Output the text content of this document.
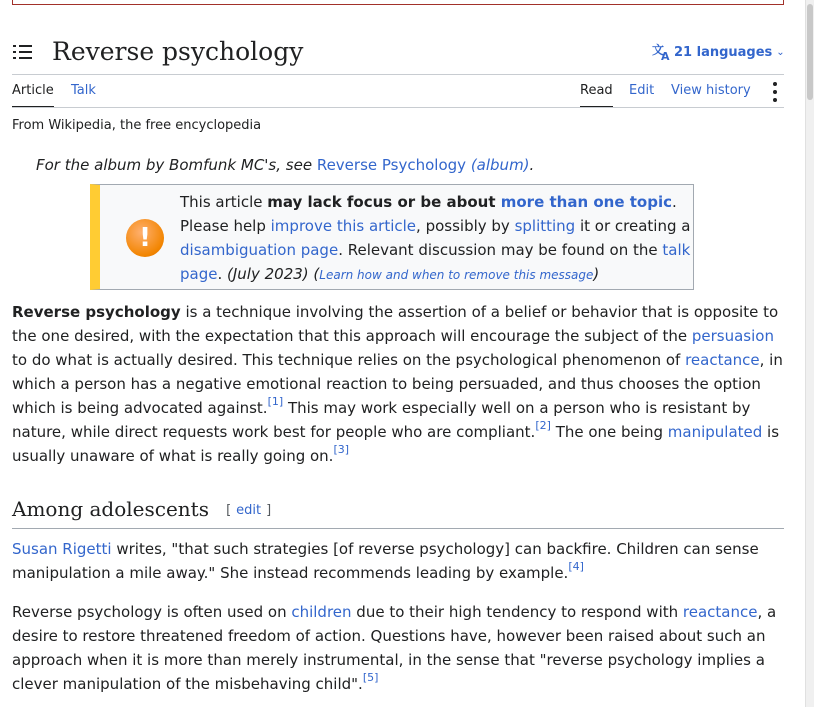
Reverse psychology	文
A 21 languages ⌄
Article Talk	Read Edit View history
From Wikipedia, the free encyclopedia
For the album by Bomfunk MC's, see Reverse Psychology (album).
!
This article may lack focus or be about more than one topic. Please help improve this article, possibly by splitting it or creating a disambiguation page. Relevant discussion may be found on the talk page. (July 2023) (Learn how and when to remove this message)

Reverse psychology is a technique involving the assertion of a belief or behavior that is opposite to the one desired, with the expectation that this approach will encourage the subject of the persuasion to do what is actually desired. This technique relies on the psychological phenomenon of reactance, in which a person has a negative emotional reaction to being persuaded, and thus chooses the option which is being advocated against.[1] This may work especially well on a person who is resistant by nature, while direct requests work best for people who are compliant.[2] The one being manipulated is usually unaware of what is really going on.[3]

Among adolescents [ edit ]

Susan Rigetti writes, "that such strategies [of reverse psychology] can backfire. Children can sense manipulation a mile away." She instead recommends leading by example.[4]

Reverse psychology is often used on children due to their high tendency to respond with reactance, a desire to restore threatened freedom of action. Questions have, however been raised about such an approach when it is more than merely instrumental, in the sense that "reverse psychology implies a clever manipulation of the misbehaving child".[5]
